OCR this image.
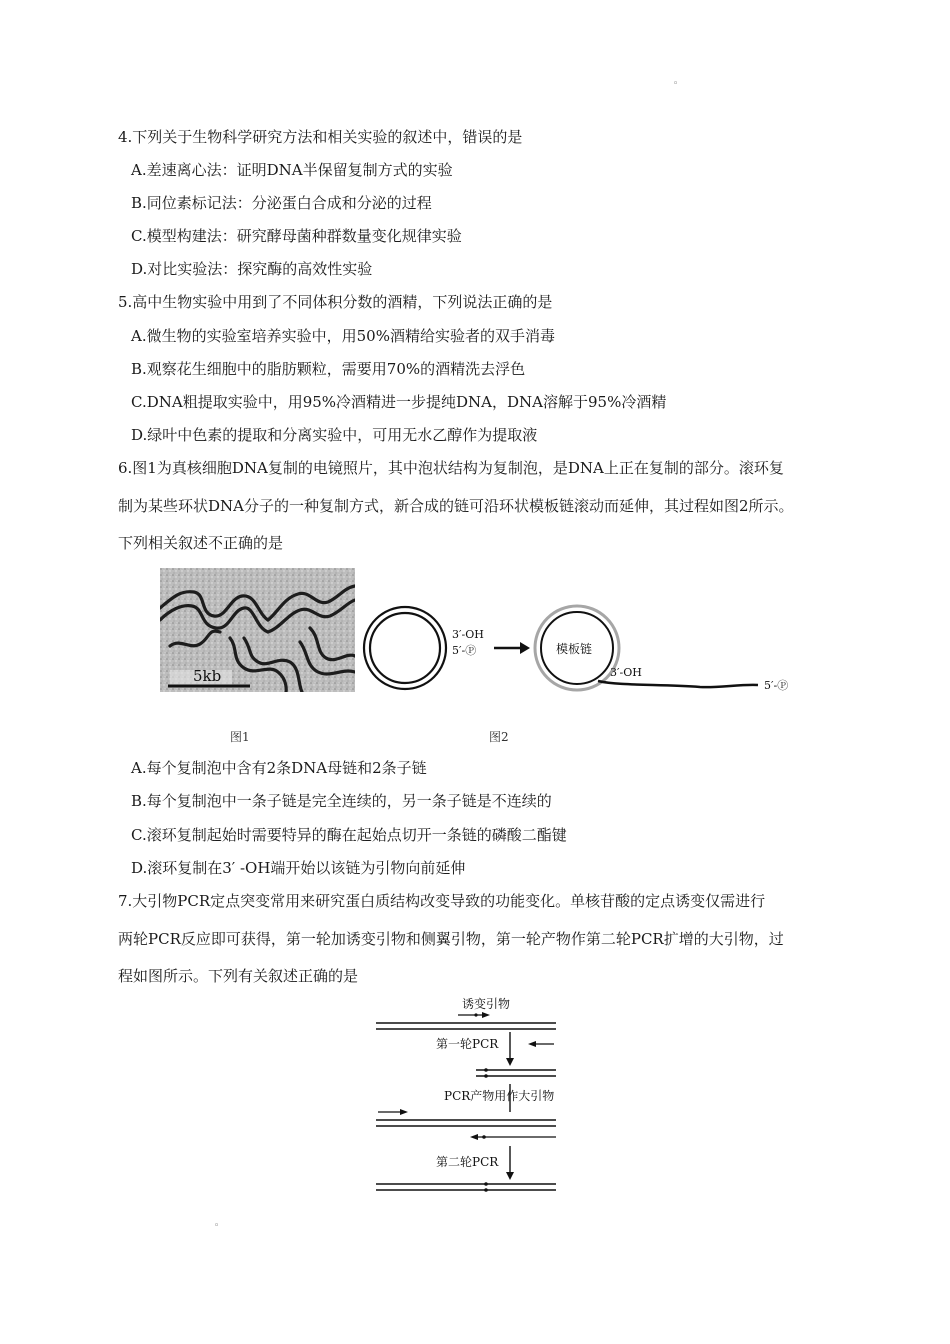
◦
4.下列关于生物科学研究方法和相关实验的叙述中，错误的是
A.差速离心法：证明DNA半保留复制方式的实验
B.同位素标记法：分泌蛋白合成和分泌的过程
C.模型构建法：研究酵母菌种群数量变化规律实验
D.对比实验法：探究酶的高效性实验
5.高中生物实验中用到了不同体积分数的酒精，下列说法正确的是
A.微生物的实验室培养实验中，用50%酒精给实验者的双手消毒
B.观察花生细胞中的脂肪颗粒，需要用70%的酒精洗去浮色
C.DNA粗提取实验中，用95%冷酒精进一步提纯DNA，DNA溶解于95%冷酒精
D.绿叶中色素的提取和分离实验中，可用无水乙醇作为提取液
6.图1为真核细胞DNA复制的电镜照片，其中泡状结构为复制泡，是DNA上正在复制的部分。滚环复
制为某些环状DNA分子的一种复制方式，新合成的链可沿环状模板链滚动而延伸，其过程如图2所示。
下列相关叙述不正确的是
5kb
3′-OH
5′-Ⓟ	模板链
3′-OH
5′-Ⓟ
图1	图2
A.每个复制泡中含有2条DNA母链和2条子链
B.每个复制泡中一条子链是完全连续的，另一条子链是不连续的
C.滚环复制起始时需要特异的酶在起始点切开一条链的磷酸二酯键
D.滚环复制在3′ -OH端开始以该链为引物向前延伸
7.大引物PCR定点突变常用来研究蛋白质结构改变导致的功能变化。单核苷酸的定点诱变仅需进行
两轮PCR反应即可获得，第一轮加诱变引物和侧翼引物，第一轮产物作第二轮PCR扩增的大引物，过
程如图所示。下列有关叙述正确的是
诱变引物
第一轮PCR
PCR产物用作大引物
第二轮PCR
◦
